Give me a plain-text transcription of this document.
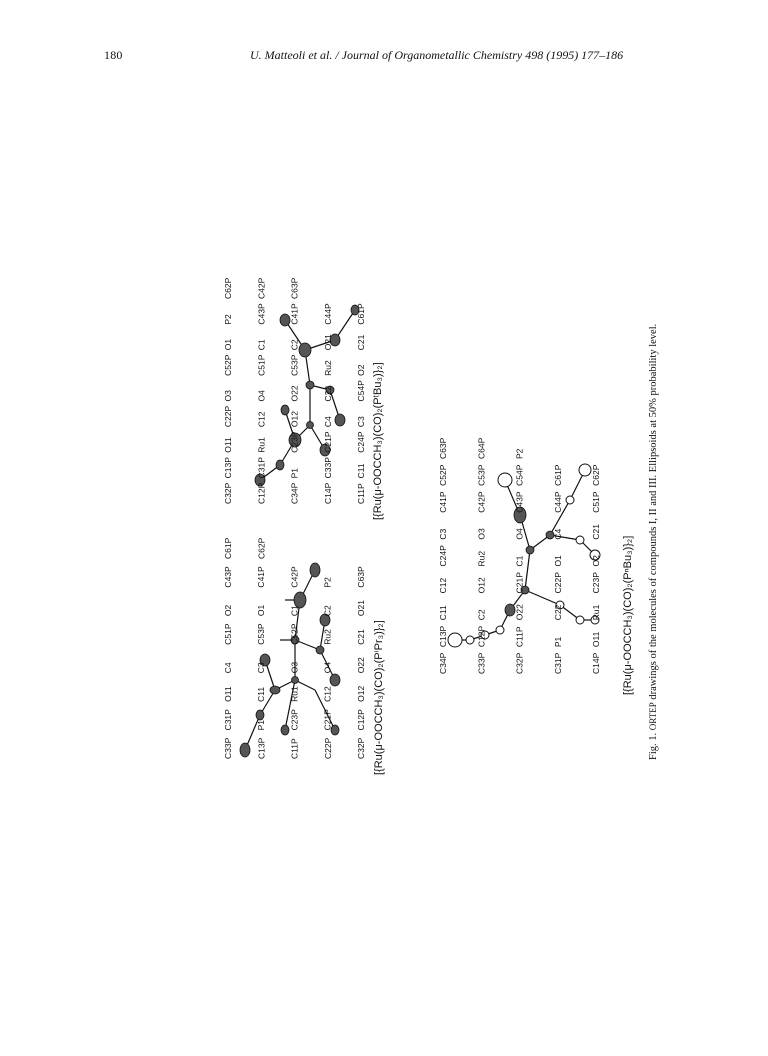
180	U. Matteoli et al. / Journal of Organometallic Chemistry 498 (1995) 177–186
[{Ru(μ-OOCCH₃)(CO)₂(PⁱPr₃)}₂]
[{Ru(μ-OOCCH₃)(CO)₂(PᵗBu₃)}₂]
[{Ru(μ-OOCCH₃)(CO)₂(PⁿBu₃)}₂]
Fig. 1. ORTEP drawings of the molecules of compounds I, II and III. Ellipsoids at 50% probability level.
C33P	C13P	C11P	C22P	C32P
C31P	P1	C23P	C21P	C12P
O11	C11	Ru1	C12	O12
C4	C3	O3	O4	O22
C51P	C53P	C52P	Ru2	C21
O2	O1	C1	C2	O21
C43P	C41P	C42P	P2	C63P
C61P	C62P
C32P	C12P	C34P	C14P	C11P
C13P	C31P	P1	C33P	C11
O11	Ru1	C23P	C21P	C24P
C22P	C12	O12	C4	C3
O3	O4	O22	C22	C54P
C52P	C51P	C53P	Ru2	O2
O1	C1	C2	O21	C21
P2	C43P	C41P	C44P	C61P
C62P	C42P	C63P
C34P	C33P	C32P	C31P	C14P
C13P	C12P	C11P	P1	O11
C11	C2	O22	C22	Ru1
C12	O12	C21P	C22P	C23P
C24P	Ru2	C1	O1	O2
C3	O3	O4	C4	C21
C41P	C42P	C43P	C44P	C51P
C52P	C53P	C54P	C61P	C62P
C63P	C64P	P2
